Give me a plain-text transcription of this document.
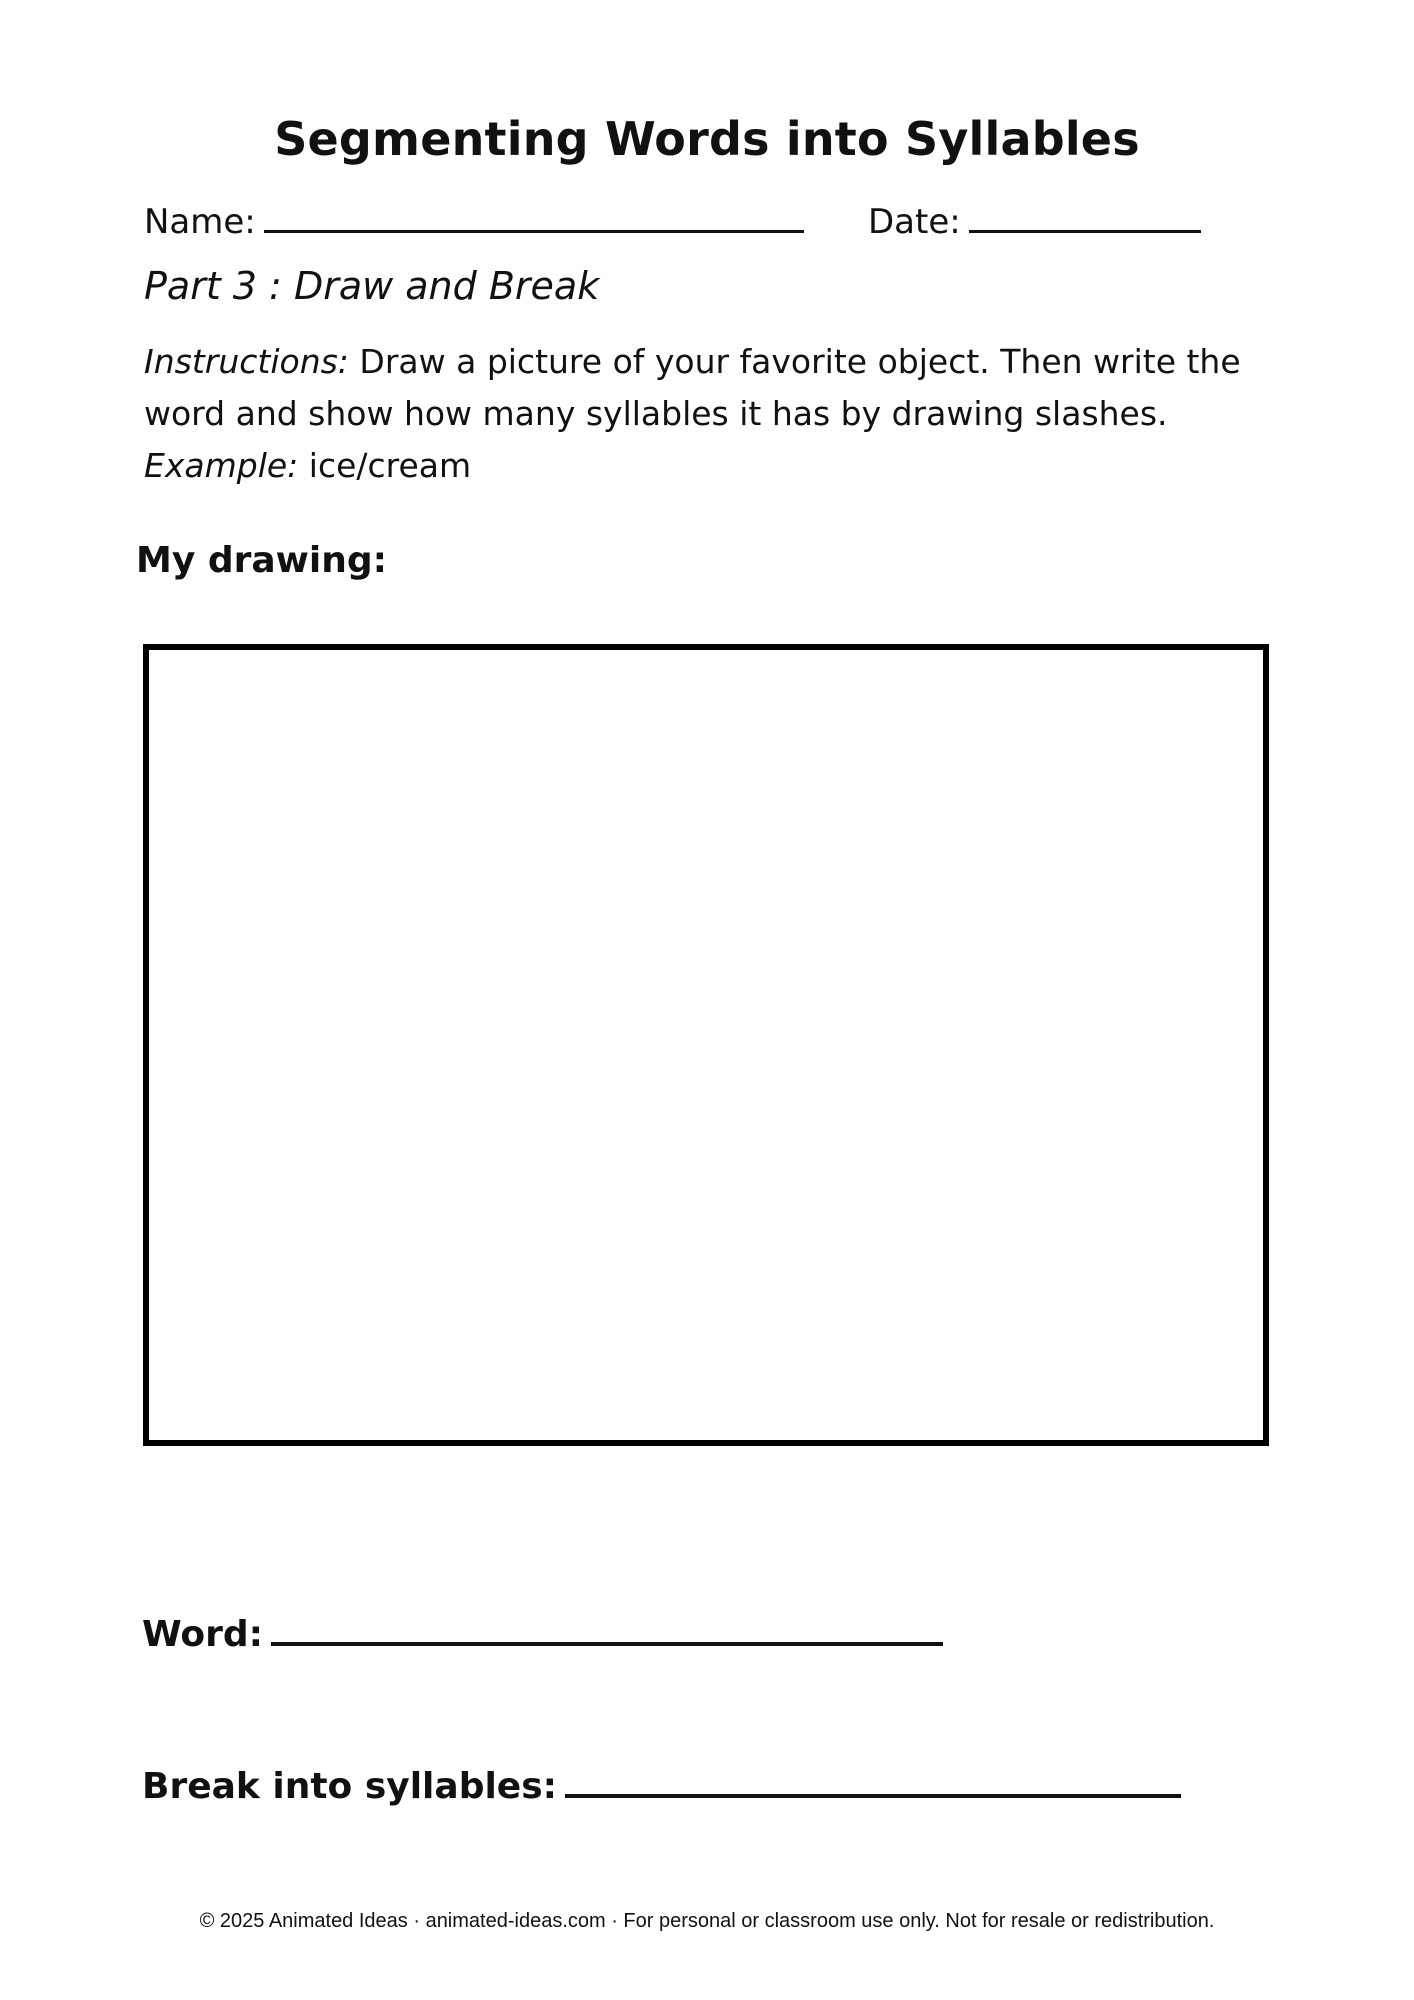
Segmenting Words into Syllables
Name:	Date:
Part 3 : Draw and Break
Instructions: Draw a picture of your favorite object. Then write the word and show how many syllables it has by drawing slashes.
Example: ice/cream
My drawing:
Word:
Break into syllables:
© 2025 Animated Ideas · animated-ideas.com · For personal or classroom use only. Not for resale or redistribution.
